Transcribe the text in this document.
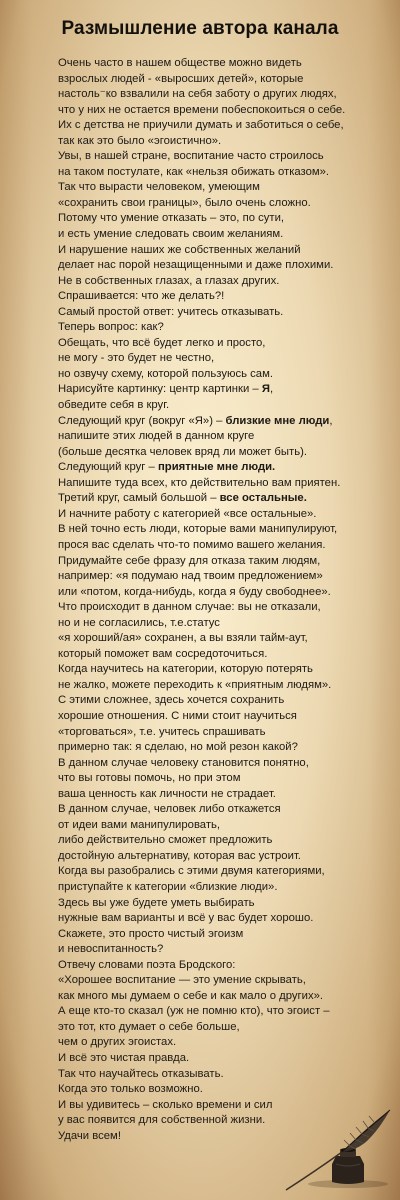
Размышление автора канала
Очень часто в нашем обществе можно видеть
взрослых людей - «выросших детей», которые
настоль⁻ко взвалили на себя заботу о других людях,
что у них не остается времени побеспокоиться о себе.
Их с детства не приучили думать и заботиться о себе,
так как это было «эгоистично».
Увы, в нашей стране, воспитание часто строилось
на таком постулате, как «нельзя обижать отказом».
Так что вырасти человеком, умеющим
«сохранить свои границы», было очень сложно.
Потому что умение отказать – это, по сути,
и есть умение следовать своим желаниям.
И нарушение наших же собственных желаний
делает нас порой незащищенными и даже плохими.
Не в собственных глазах, а глазах других.
Спрашивается: что же делать?!
Самый простой ответ: учитесь отказывать.
Теперь вопрос: как?
Обещать, что всё будет легко и просто,
не могу - это будет не честно,
но озвучу схему, которой пользуюсь сам.
Нарисуйте картинку: центр картинки – Я,
обведите себя в круг.
Следующий круг (вокруг «Я») – близкие мне люди,
напишите этих людей в данном круге
(больше десятка человек вряд ли может быть).
Следующий круг – приятные мне люди.
Напишите туда всех, кто действительно вам приятен.
Третий круг, самый большой – все остальные.
И начните работу с категорией «все остальные».
В ней точно есть люди, которые вами манипулируют,
прося вас сделать что-то помимо вашего желания.
Придумайте себе фразу для отказа таким людям,
например: «я подумаю над твоим предложением»
или «потом, когда-нибудь, когда я буду свободнее».
Что происходит в данном случае: вы не отказали,
но и не согласились, т.е.статус
«я хороший/ая» сохранен, а вы взяли тайм-аут,
который поможет вам сосредоточиться.
Когда научитесь на категории, которую потерять
не жалко, можете переходить к «приятным людям».
С этими сложнее, здесь хочется сохранить
хорошие отношения. С ними стоит научиться
«торговаться», т.е. учитесь спрашивать
примерно так: я сделаю, но мой резон какой?
В данном случае человеку становится понятно,
что вы готовы помочь, но при этом
ваша ценность как личности не страдает.
В данном случае, человек либо откажется
от идеи вами манипулировать,
либо действительно сможет предложить
достойную альтернативу, которая вас устроит.
Когда вы разобрались с этими двумя категориями,
приступайте к категории «близкие люди».
Здесь вы уже будете уметь выбирать
нужные вам варианты и всё у вас будет хорошо.
Скажете, это просто чистый эгоизм
и невоспитанность?
Отвечу словами поэта Бродского:
«Хорошее воспитание — это умение скрывать,
как много мы думаем о себе и как мало о других».
А еще кто-то сказал (уж не помню кто), что эгоист –
это тот, кто думает о себе больше,
чем о других эгоистах.
И всё это чистая правда.
Так что научайтесь отказывать.
Когда это только возможно.
И вы удивитесь – сколько времени и сил
у вас появится для собственной жизни.
Удачи всем!
